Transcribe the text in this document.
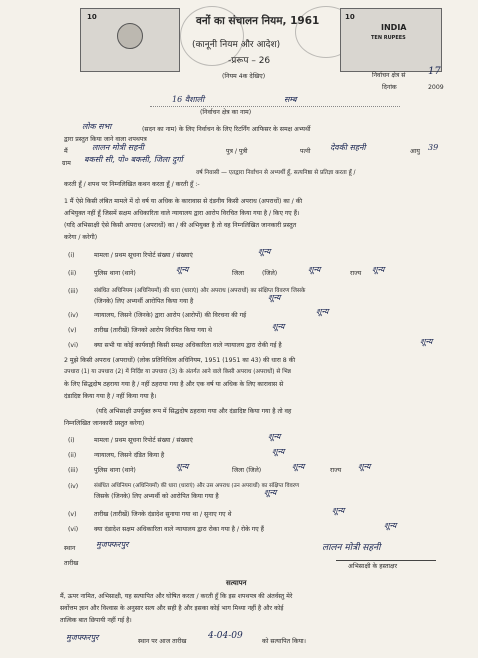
10	10
INDIA
TEN RUPEES
वनों का संचालन नियम, 1961
(कानूनी नियम और आदेश)
-प्ररूप – 26
(नियम 4क देखिए)	निर्वाचन क्षेत्र सं 17
दिनांक	2009
16 वैशाली	सम्ब
(निर्वाचन क्षेत्र का नाम)
लोक सभा	(सदन का नाम) के लिए निर्वाचन के लिए रिटर्निंग आफिसर के समक्ष अभ्यर्थी
द्वारा प्रस्तुत किया जाने वाला शपथपत्र
मैं	लालन मोत्री सहनी	पुत्र / पुत्री	पत्नी देवकी सहनी	आयु 39
ग्राम बकसी सी, पो० बकसी, जिला दुर्गा
वर्ष निवासी — एतद्वारा निर्वाचन से अभ्यर्थी हूँ, सत्यनिष्ठा से प्रतिज्ञा करता हूँ /
करती हूँ / शपथ पर निम्नलिखित कथन करता हूँ / करती हूँ :-
1 मैं ऐसे किसी लंबित मामले में दो वर्ष या अधिक के कारावास से दंडनीय किसी अपराध (अपराधों) का / की
अभियुक्त नहीं हूँ जिसमें सक्षम अधिकारिता वाले न्यायालय द्वारा आरोप विरचित किया गया है / किए गए हैं।
(यदि अभिसाक्षी ऐसे किसी अपराध (अपराधों) का / की अभियुक्त है तो वह निम्नलिखित जानकारी प्रस्तुत
करेगा / करेगी)
(i)	मामला / प्रथम सूचना रिपोर्ट संख्या / संख्याएं	शून्य
(ii)	पुलिस थाना (थाने)	शून्य	जिला	(जिले)	शून्य	राज्य शून्य
(iii)	संबंधित अधिनियम (अधिनियमों) की धारा (धाराएं) और अपराध (अपराधों) का संक्षिप्त विवरण जिसके
(जिनके) लिए अभ्यर्थी आरोपित किया गया है	शून्य
(iv)	न्यायालय, जिसने (जिनके) द्वारा आरोप (आरोपों) की विरचना की गई	शून्य
(v)	तारीख (तारीखें) जिनको आरोप विरचित किया गया थे	शून्य
(vi)	क्या सभी या कोई कार्यवाही किसी समक्ष अधिकारिता वाले न्यायालय द्वारा रोकी गई है	शून्य
2 मुझे किसी अपराध (अपराधों) (लोक प्रतिनिधित्व अधिनियम, 1951 (1951 का 43) की धारा 8 की
उपधारा (1) या उपधारा (2) में निर्दिष्ट या उपधारा (3) के अंतर्गत आने वाले किसी अपराध (अपराधों) से भिन्न
के लिए सिद्धदोष ठहराया गया है / नहीं ठहराया गया है और एक वर्ष या अधिक के लिए कारावास से
दंडादिष्ट किया गया है / नहीं किया गया है।
(यदि अभिसाक्षी उपर्युक्त रूप में सिद्धदोष ठहराया गया और दंडादिष्ट किया गया है तो वह
निम्नलिखित जानकारी प्रस्तुत करेगा)
(i)	मामला / प्रथम सूचना रिपोर्ट संख्या / संख्याएं	शून्य
(ii)	न्यायालय, जिसने दंडित किया है	शून्य
(iii)	पुलिस थाना (थाने)	शून्य	जिला (जिले)	शून्य	राज्य शून्य
(iv)	संबंधित अधिनियम (अधिनियमों) की धारा (धाराएं) और उस अपराध (उन अपराधों) का संक्षिप्त विवरण
जिसके (जिनके) लिए अभ्यर्थी को आरोपित किया गया है	शून्य
(v)	तारीख (तारीखें) जिनके दंडादेश सुनाया गया था / सुनाए गए थे	शून्य
(vi)	क्या दंडादेश सक्षम अधिकारिता वाले न्यायालय द्वारा रोका गया है / रोके गए हैं	शून्य
स्थान	मुजफ्फरपुर
तारीख
लालन मोत्री सहनी
अभिसाक्षी के हस्ताक्षर
सत्यापन
मैं, ऊपर नामित, अभिसाक्षी, यह सत्यापित और घोषित करता / करती हूँ कि इस शपथपत्र की अंतर्वस्तु मेरे
सर्वोत्तम ज्ञान और विश्वास के अनुसार सत्य और सही है और इसका कोई भाग मिथ्या नहीं है और कोई
तात्विक बात छिपायी नहीं गई है।
मुजफ्फरपुर	स्थान पर आज तारीख
4-04-09
को सत्यापित किया।
